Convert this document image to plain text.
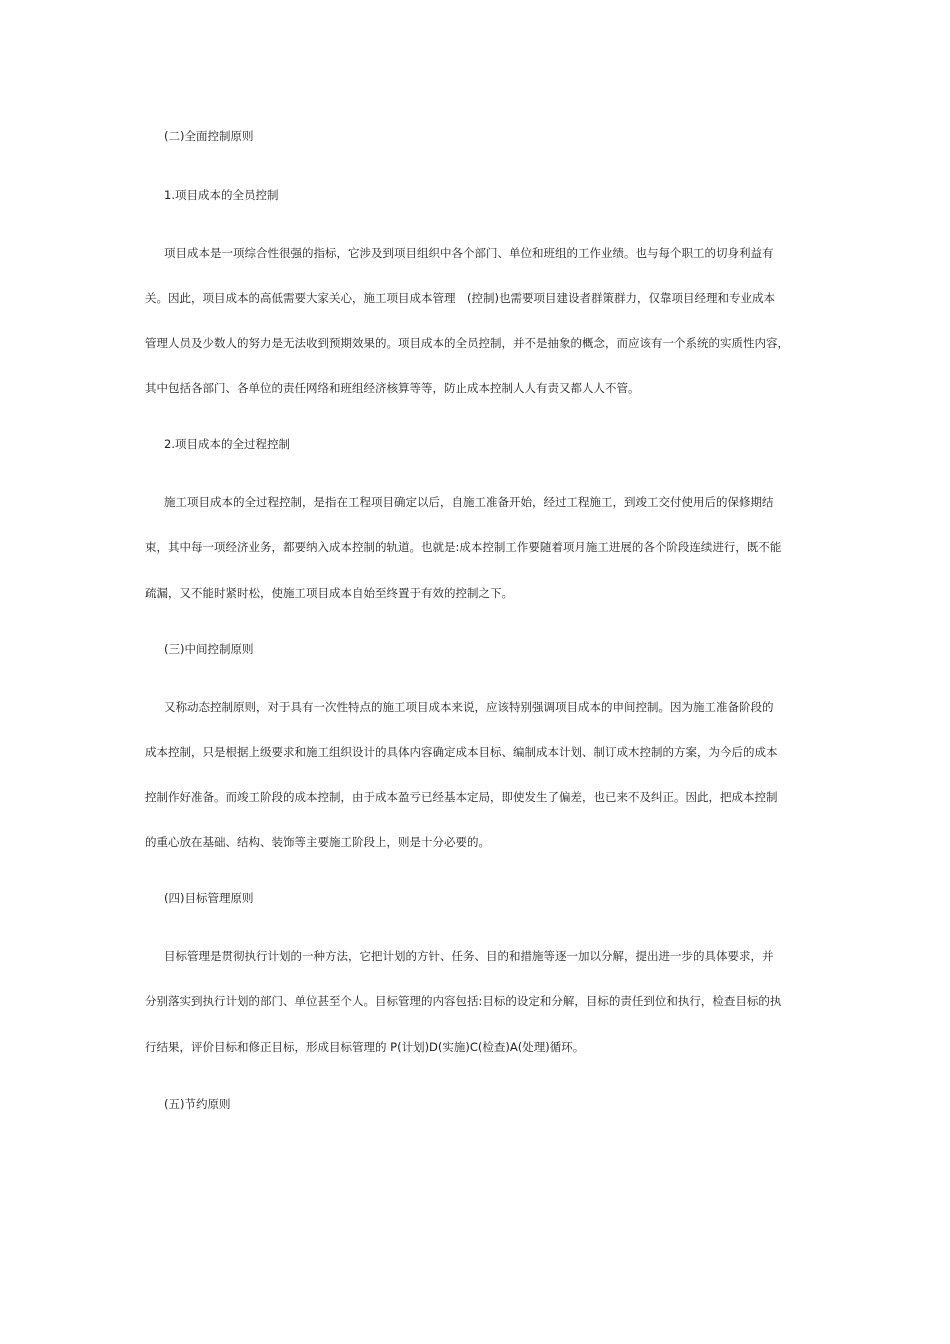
(二)全面控制原则
1.项目成本的全员控制
项目成本是一项综合性很强的指标，它涉及到项目组织中各个部门、单位和班组的工作业绩。也与每个职工的切身利益有
关。因此，项目成本的高低需要大家关心，施工项目成本管理　(控制)也需要项目建设者群策群力，仅靠项目经理和专业成本
管理人员及少数人的努力是无法收到预期效果的。项目成本的全员控制，并不是抽象的概念，而应该有一个系统的实质性内容，
其中包括各部门、各单位的责任网络和班组经济核算等等，防止成本控制人人有责又都人人不管。
2.项目成本的全过程控制
施工项目成本的全过程控制，是指在工程项目确定以后，自施工准备开始，经过工程施工，到竣工交付使用后的保修期结
束，其中每一项经济业务，都要纳入成本控制的轨道。也就是:成本控制工作要随着项月施工进展的各个阶段连续进行，既不能
疏漏，又不能时紧时松，使施工项目成本自始至终置于有效的控制之下。
(三)中间控制原则
又称动态控制原则，对于具有一次性特点的施工项目成本来说，应该特别强调项目成本的申间控制。因为施工准备阶段的
成本控制，只是根据上级要求和施工组织设计的具体内容确定成本目标、编制成本计划、制订成木控制的方案，为今后的成本
控制作好准备。而竣工阶段的成本控制，由于成本盈亏已经基本定局，即使发生了偏差，也已来不及纠正。因此，把成本控制
的重心放在基础、结构、装饰等主要施工阶段上，则是十分必要的。
(四)目标管理原则
目标管理是贯彻执行计划的一种方法，它把计划的方针、任务、目的和措施等逐一加以分解，提出进一步的具体要求，并
分别落实到执行计划的部门、单位甚至个人。目标管理的内容包括:目标的设定和分解，目标的责任到位和执行，检查目标的执
行结果，评价目标和修正目标，形成目标管理的 P(计划)D(实施)C(检查)A(处理)循环。
(五)节约原则
